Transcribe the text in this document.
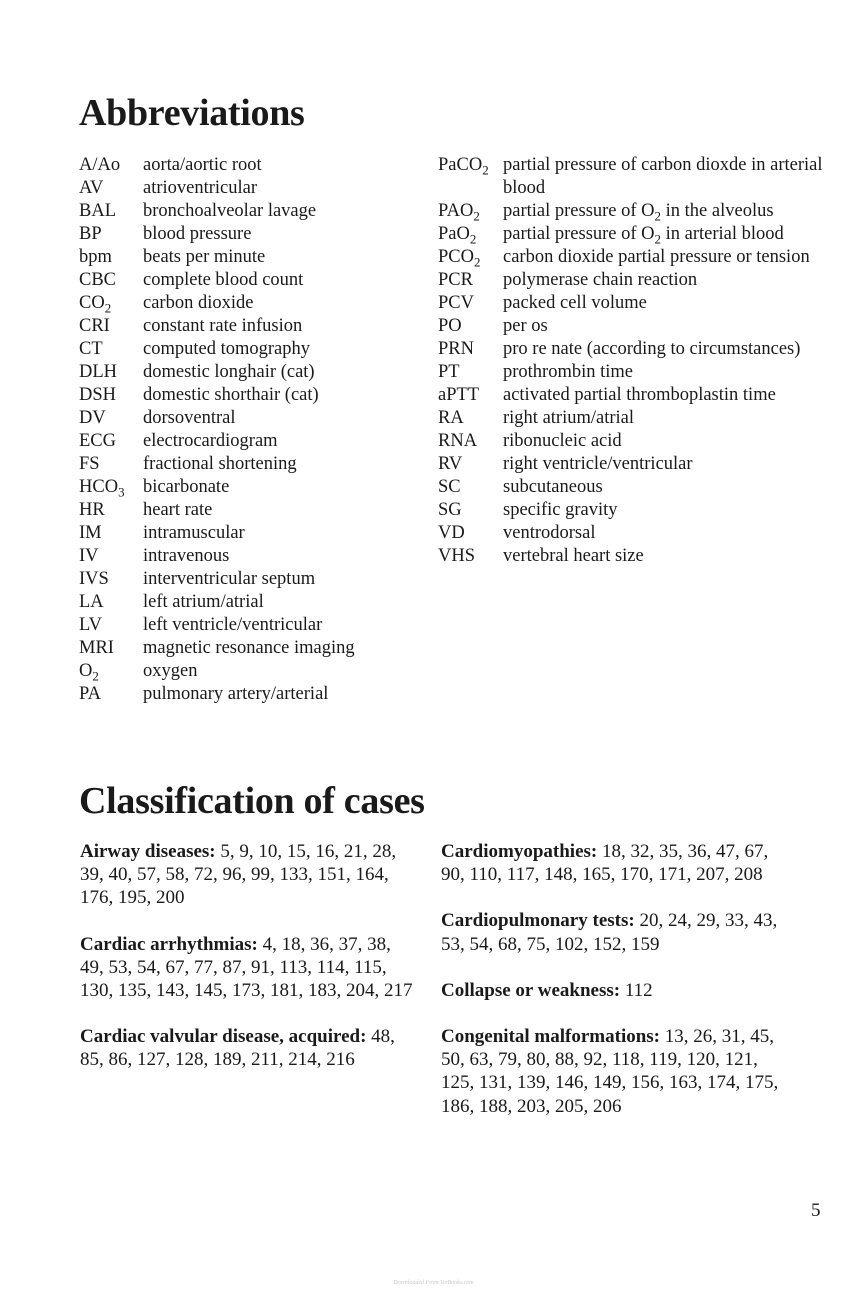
Abbreviations
A/Ao	aorta/aortic root
AV	atrioventricular
BAL	bronchoalveolar lavage
BP	blood pressure
bpm	beats per minute
CBC	complete blood count
$CO_2$	carbon dioxide
CRI	constant rate infusion
CT	computed tomography
DLH	domestic longhair (cat)
DSH	domestic shorthair (cat)
DV	dorsoventral
ECG	electrocardiogram
FS	fractional shortening
$HCO_3$ bicarbonate
HR	heart rate
IM	intramuscular
IV	intravenous
IVS	interventricular septum
LA	left atrium/atrial
LV	left ventricle/ventricular
MRI	magnetic resonance imaging
$O_2$	oxygen
PA	pulmonary artery/arterial
PaCO$_2$ partial pressure of carbon dioxde in arterial blood
$PAO_2$	partial pressure of $O_2$ in the alveolus
PaO$_2$	partial pressure of $O_2$ in arterial blood
$PCO_2$	carbon dioxide partial pressure or tension
PCR	polymerase chain reaction
PCV	packed cell volume
PO	per os
PRN	pro re nate (according to circumstances)
PT	prothrombin time
aPTT	activated partial thromboplastin time
RA	right atrium/atrial
RNA	ribonucleic acid
RV	right ventricle/ventricular
SC	subcutaneous
SG	specific gravity
VD	ventrodorsal
VHS	vertebral heart size
Classification of cases
Airway diseases: 5, 9, 10, 15, 16, 21, 28, 39, 40, 57, 58, 72, 96, 99, 133, 151, 164, 176, 195, 200
Cardiac arrhythmias: 4, 18, 36, 37, 38, 49, 53, 54, 67, 77, 87, 91, 113, 114, 115, 130, 135, 143, 145, 173, 181, 183, 204, 217
Cardiac valvular disease, acquired: 48, 85, 86, 127, 128, 189, 211, 214, 216
Cardiomyopathies: 18, 32, 35, 36, 47, 67, 90, 110, 117, 148, 165, 170, 171, 207, 208
Cardiopulmonary tests: 20, 24, 29, 33, 43, 53, 54, 68, 75, 102, 152, 159
Collapse or weakness: 112
Congenital malformations: 13, 26, 31, 45, 50, 63, 79, 80, 88, 92, 118, 119, 120, 121, 125, 131, 139, 146, 149, 156, 163, 174, 175, 186, 188, 203, 205, 206
5
Downloaded From VetBooks.com
